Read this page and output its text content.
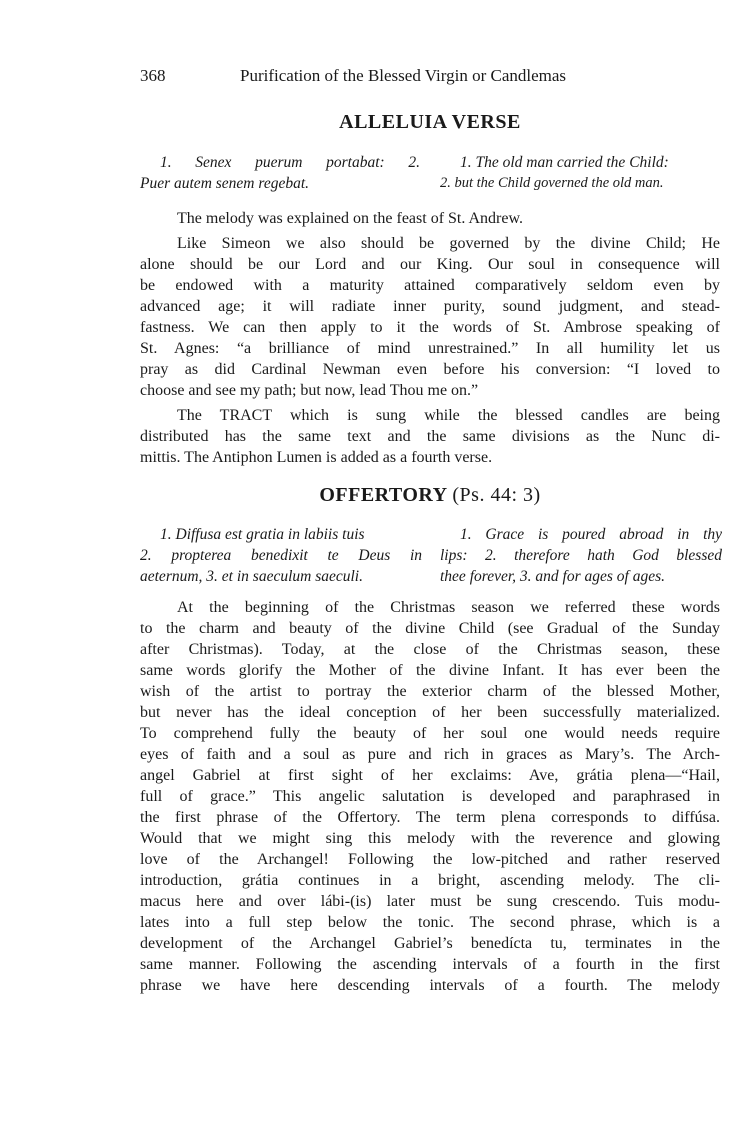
368	Purification of the Blessed Virgin or Candlemas
ALLELUIA VERSE
1. Senex puerum portabat: 2.
Puer autem senem regebat.
1. The old man carried the Child:
2. but the Child governed the old man.
The melody was explained on the feast of St. Andrew.
Like Simeon we also should be governed by the divine Child; He
alone should be our Lord and our King. Our soul in consequence will
be endowed with a maturity attained comparatively seldom even by
advanced age; it will radiate inner purity, sound judgment, and stead-
fastness. We can then apply to it the words of St. Ambrose speaking of
St. Agnes: “a brilliance of mind unrestrained.” In all humility let us
pray as did Cardinal Newman even before his conversion: “I loved to
choose and see my path; but now, lead Thou me on.”
The TRACT which is sung while the blessed candles are being
distributed has the same text and the same divisions as the Nunc di-
mittis. The Antiphon Lumen is added as a fourth verse.
OFFERTORY (Ps. 44: 3)
1. Diffusa est gratia in labiis tuis
2. propterea benedixit te Deus in
aeternum, 3. et in saeculum saeculi.
1. Grace is poured abroad in thy
lips: 2. therefore hath God blessed
thee forever, 3. and for ages of ages.
At the beginning of the Christmas season we referred these words
to the charm and beauty of the divine Child (see Gradual of the Sunday
after Christmas). Today, at the close of the Christmas season, these
same words glorify the Mother of the divine Infant. It has ever been the
wish of the artist to portray the exterior charm of the blessed Mother,
but never has the ideal conception of her been successfully materialized.
To comprehend fully the beauty of her soul one would needs require
eyes of faith and a soul as pure and rich in graces as Mary’s. The Arch-
angel Gabriel at first sight of her exclaims: Ave, grátia plena—“Hail,
full of grace.” This angelic salutation is developed and paraphrased in
the first phrase of the Offertory. The term plena corresponds to diffúsa.
Would that we might sing this melody with the reverence and glowing
love of the Archangel! Following the low-pitched and rather reserved
introduction, grátia continues in a bright, ascending melody. The cli-
macus here and over lábi-(is) later must be sung crescendo. Tuis modu-
lates into a full step below the tonic. The second phrase, which is a
development of the Archangel Gabriel’s benedícta tu, terminates in the
same manner. Following the ascending intervals of a fourth in the first
phrase we have here descending intervals of a fourth. The melody
